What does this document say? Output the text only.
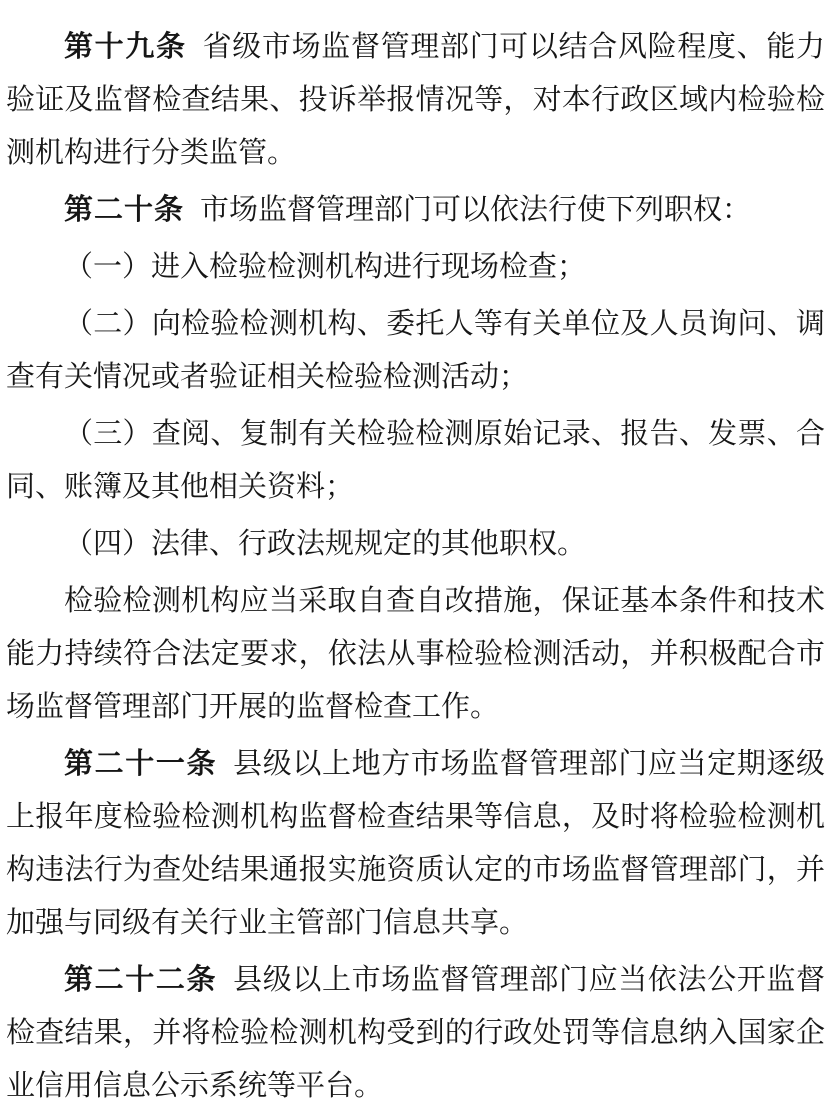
第十九条 省级市场监督管理部门可以结合风险程度、能力验证及监督检查结果、投诉举报情况等，对本行政区域内检验检测机构进行分类监管。

第二十条 市场监督管理部门可以依法行使下列职权：

（一）进入检验检测机构进行现场检查；

（二）向检验检测机构、委托人等有关单位及人员询问、调查有关情况或者验证相关检验检测活动；

（三）查阅、复制有关检验检测原始记录、报告、发票、合同、账簿及其他相关资料；

（四）法律、行政法规规定的其他职权。

检验检测机构应当采取自查自改措施，保证基本条件和技术能力持续符合法定要求，依法从事检验检测活动，并积极配合市场监督管理部门开展的监督检查工作。

第二十一条 县级以上地方市场监督管理部门应当定期逐级上报年度检验检测机构监督检查结果等信息，及时将检验检测机构违法行为查处结果通报实施资质认定的市场监督管理部门，并加强与同级有关行业主管部门信息共享。

第二十二条 县级以上市场监督管理部门应当依法公开监督检查结果，并将检验检测机构受到的行政处罚等信息纳入国家企业信用信息公示系统等平台。
